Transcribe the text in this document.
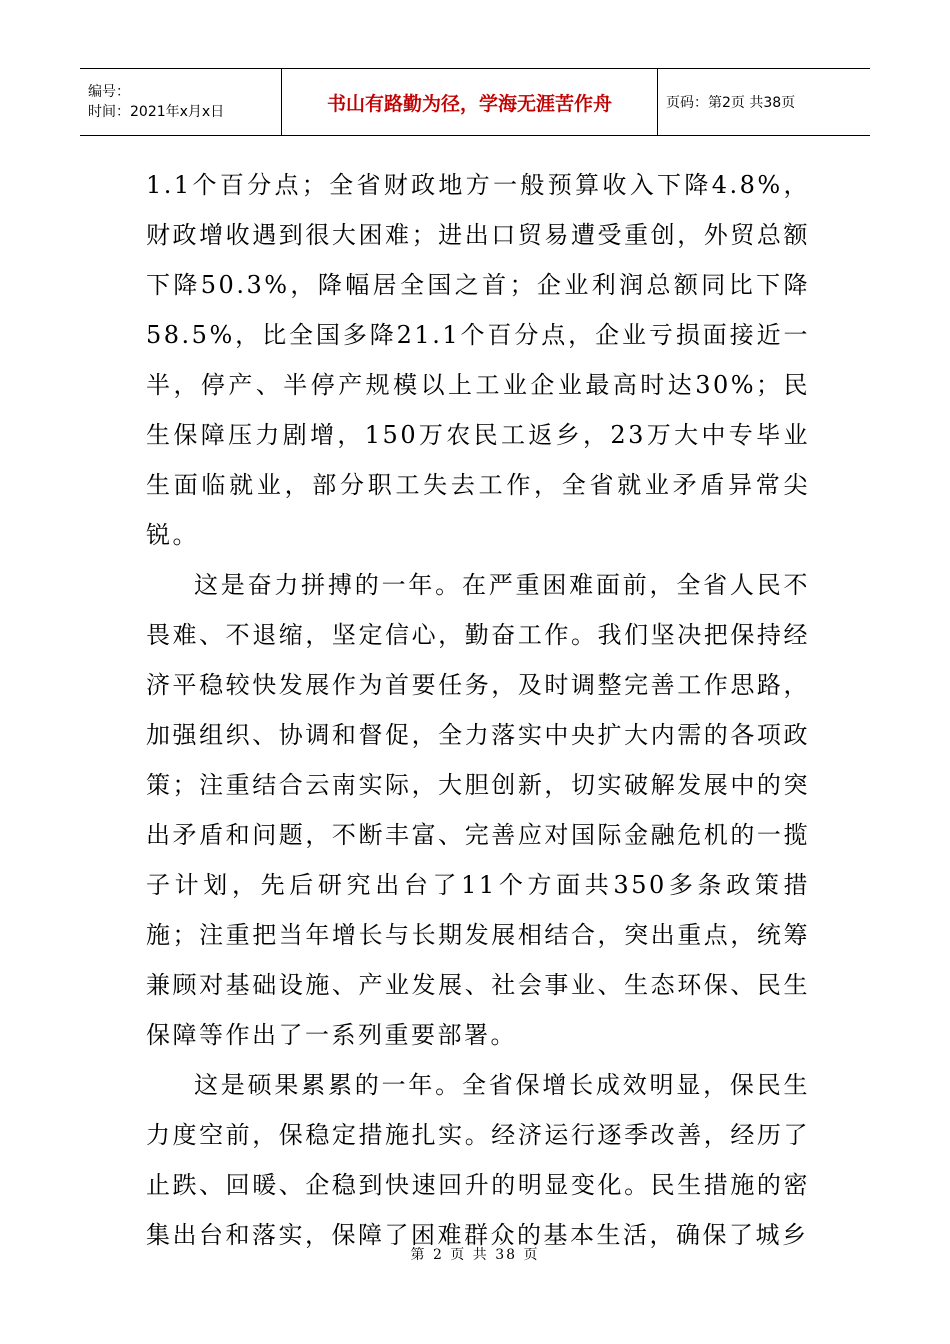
编号：
时间：2021年x月x日	书山有路勤为径，学海无涯苦作舟	页码：第2页 共38页

1.1个百分点；全省财政地方一般预算收入下降4.8%，财政增收遇到很大困难；进出口贸易遭受重创，外贸总额下降50.3%，降幅居全国之首；企业利润总额同比下降58.5%，比全国多降21.1个百分点，企业亏损面接近一半，停产、半停产规模以上工业企业最高时达30%；民生保障压力剧增，150万农民工返乡，23万大中专毕业生面临就业，部分职工失去工作，全省就业矛盾异常尖锐。

这是奋力拼搏的一年。在严重困难面前，全省人民不畏难、不退缩，坚定信心，勤奋工作。我们坚决把保持经济平稳较快发展作为首要任务，及时调整完善工作思路，加强组织、协调和督促，全力落实中央扩大内需的各项政策；注重结合云南实际，大胆创新，切实破解发展中的突出矛盾和问题，不断丰富、完善应对国际金融危机的一揽子计划，先后研究出台了11个方面共350多条政策措施；注重把当年增长与长期发展相结合，突出重点，统筹兼顾对基础设施、产业发展、社会事业、生态环保、民生保障等作出了一系列重要部署。

这是硕果累累的一年。全省保增长成效明显，保民生力度空前，保稳定措施扎实。经济运行逐季改善，经历了止跌、回暖、企稳到快速回升的明显变化。民生措施的密集出台和落实，保障了困难群众的基本生活，确保了城乡

第 2 页 共 38 页
